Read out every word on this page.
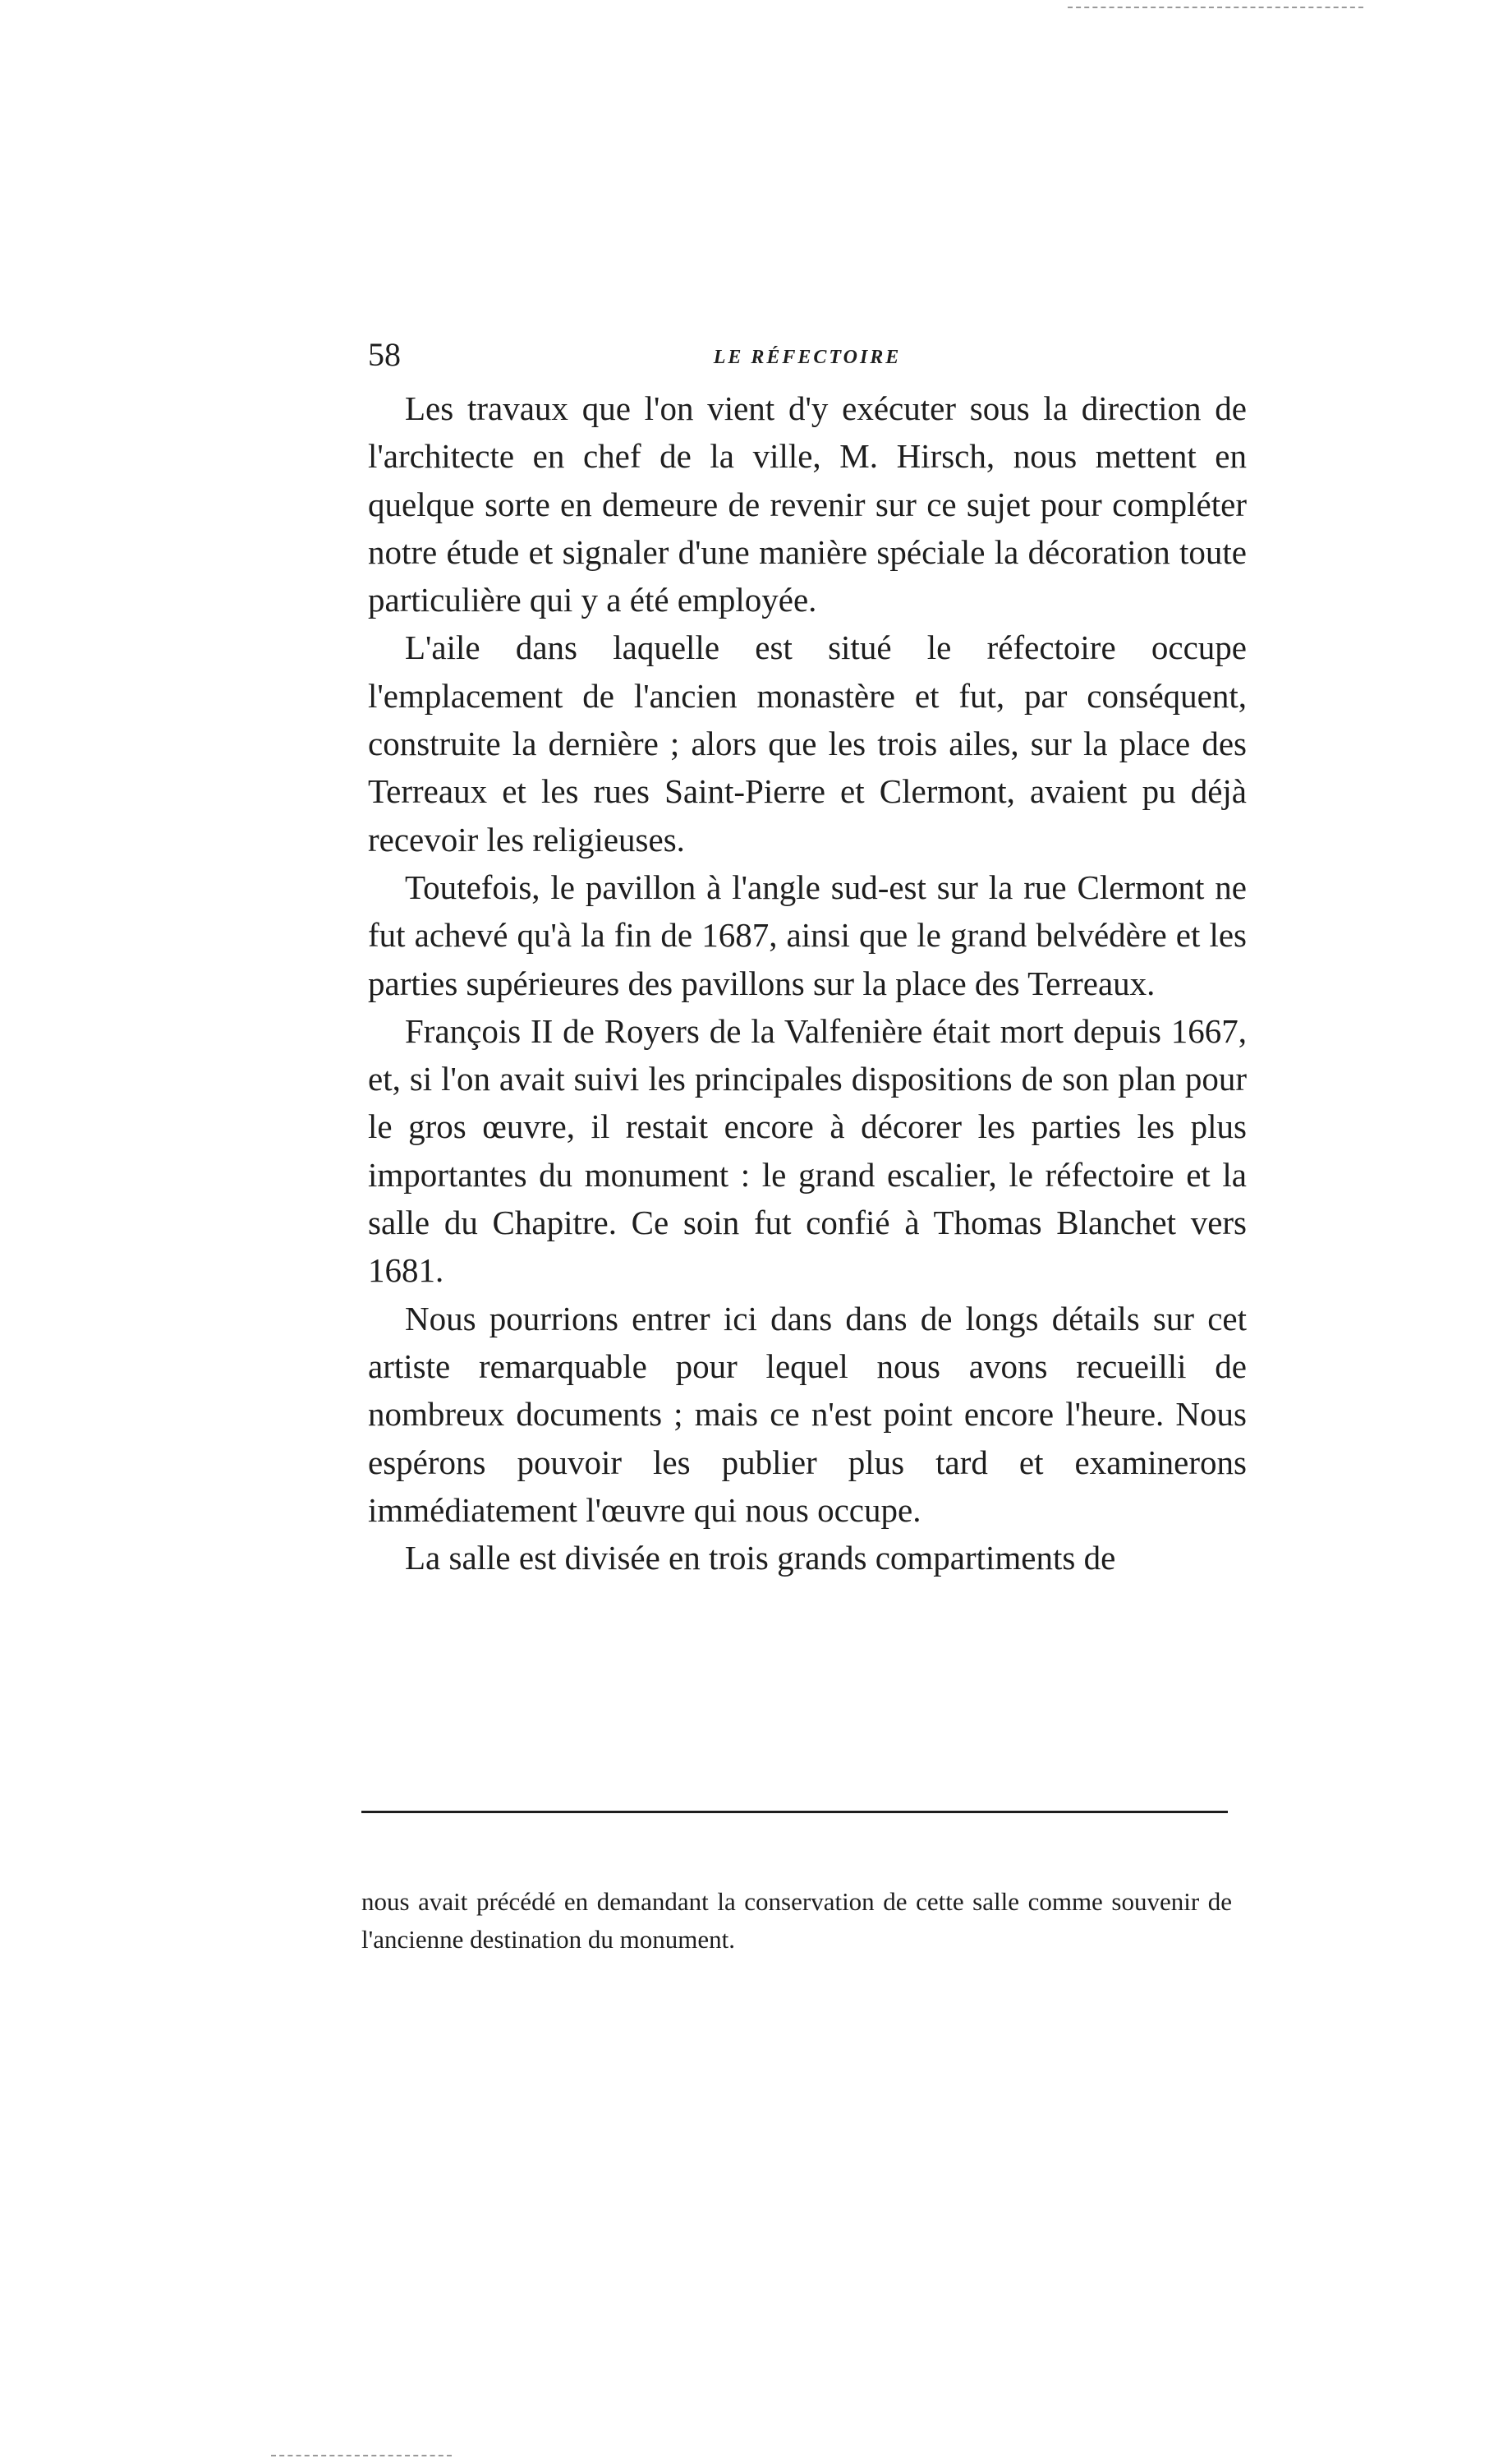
58	LE RÉFECTOIRE

Les travaux que l'on vient d'y exécuter sous la direction de l'architecte en chef de la ville, M. Hirsch, nous mettent en quelque sorte en demeure de revenir sur ce sujet pour compléter notre étude et signaler d'une manière spéciale la décoration toute particulière qui y a été employée.

L'aile dans laquelle est situé le réfectoire occupe l'emplacement de l'ancien monastère et fut, par conséquent, construite la dernière ; alors que les trois ailes, sur la place des Terreaux et les rues Saint-Pierre et Clermont, avaient pu déjà recevoir les religieuses.

Toutefois, le pavillon à l'angle sud-est sur la rue Clermont ne fut achevé qu'à la fin de 1687, ainsi que le grand belvédère et les parties supérieures des pavillons sur la place des Terreaux.

François II de Royers de la Valfenière était mort depuis 1667, et, si l'on avait suivi les principales dispositions de son plan pour le gros œuvre, il restait encore à décorer les parties les plus importantes du monument : le grand escalier, le réfectoire et la salle du Chapitre. Ce soin fut confié à Thomas Blanchet vers 1681.

Nous pourrions entrer ici dans dans de longs détails sur cet artiste remarquable pour lequel nous avons recueilli de nombreux documents ; mais ce n'est point encore l'heure. Nous espérons pouvoir les publier plus tard et examinerons immédiatement l'œuvre qui nous occupe.

La salle est divisée en trois grands compartiments de

nous avait précédé en demandant la conservation de cette salle comme souvenir de l'ancienne destination du monument.
